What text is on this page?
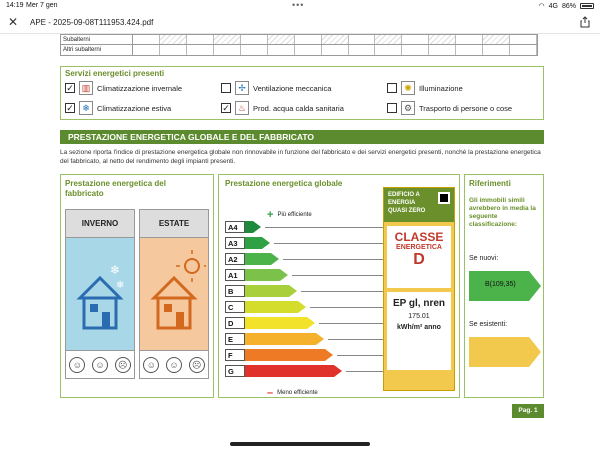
14:19 Mer 7 gen	•••	◠ 4G 86%
✕ APE - 2025-09-08T111953.424.pdf
Subalterni
Altri subalterni
Servizi energetici presenti
✓ ▥ Climatizzazione invernale	✢ Ventilazione meccanica	✺ Illuminazione
✓ ❄ Climatizzazione estiva	✓ ♨ Prod. acqua calda sanitaria	⚙ Trasporto di persone o cose
PRESTAZIONE ENERGETICA GLOBALE E DEL FABBRICATO
La sezione riporta l'indice di prestazione energetica globale non rinnovabile in funzione del fabbricato e dei servizi energetici presenti, nonché la prestazione energetica del fabbricato, al netto del rendimento degli impianti presenti.
Prestazione energetica del fabbricato
INVERNO
❄
❄
☺	☺	☹
ESTATE
☺	☺	☹
Prestazione energetica globale
+ Più efficiente
A4
A3
A2
A1
B
C
D
E
F
G
– Meno efficiente
EDIFICIO A ENERGIA QUASI ZERO
CLASSE
ENERGETICA
D
EP gl, nren
175.01
kWh/m² anno
Riferimenti
Gli immobili simili avrebbero in media la seguente classificazione:
Se nuovi:
B(109,35)
Se esistenti:
Pag. 1
